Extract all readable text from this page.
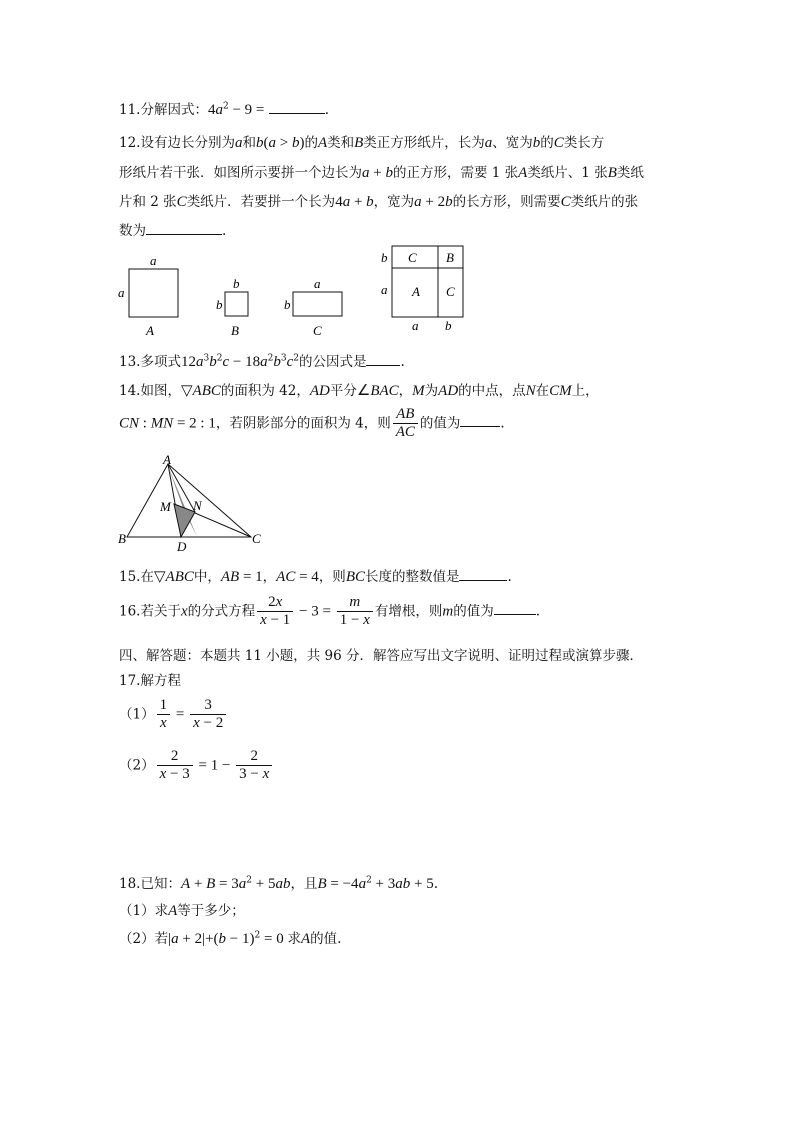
11.分解因式：$4a^2 - 9$ =	.
12.设有边长分别为a和b(a > b)的A类和B类正方形纸片，长为a、宽为b的C类长方
形纸片若干张．如图所示要拼一个边长为a + b的正方形，需要 1 张A类纸片、1 张B类纸
片和 2 张C类纸片．若要拼一个长为4a + b，宽为a + 2b的长方形，则需要C类纸片的张
数为	.
a
a
A
b
b
B
a
b
C
C B
A C
b
a
a b
13.多项式$12a^3b^2c - 18a^2b^3c^2$的公因式是	.
14.如图，▽ABC的面积为 42，AD平分∠BAC，M为AD的中点，点N在CM上，
CN : MN = 2 : 1，若阴影部分的面积为 4，则 $\frac{AB}{AC}$ 的值为	.
A
B	C
D
M N
15.在▽ABC中，AB = 1，AC = 4，则BC长度的整数值是	.
16.若关于x的分式方程 $\frac{2x}{x - 1} - 3 = \frac{m}{1 - x}$ 有增根，则m的值为	.
四、解答题：本题共 11 小题，共 96 分．解答应写出文字说明、证明过程或演算步骤．
17.解方程
$(1) \frac{1}{x} = \frac{3}{x - 2}$
$(2) \frac{2}{x - 3} = 1 - \frac{2}{3 - x}$
18.已知：$A + B = 3a^2 + 5ab$，且$B = -4a^2 + 3ab + 5$.
（1）求A等于多少；
（2）若$|a + 2|+(b - 1)^2 = 0$ 求A的值.
